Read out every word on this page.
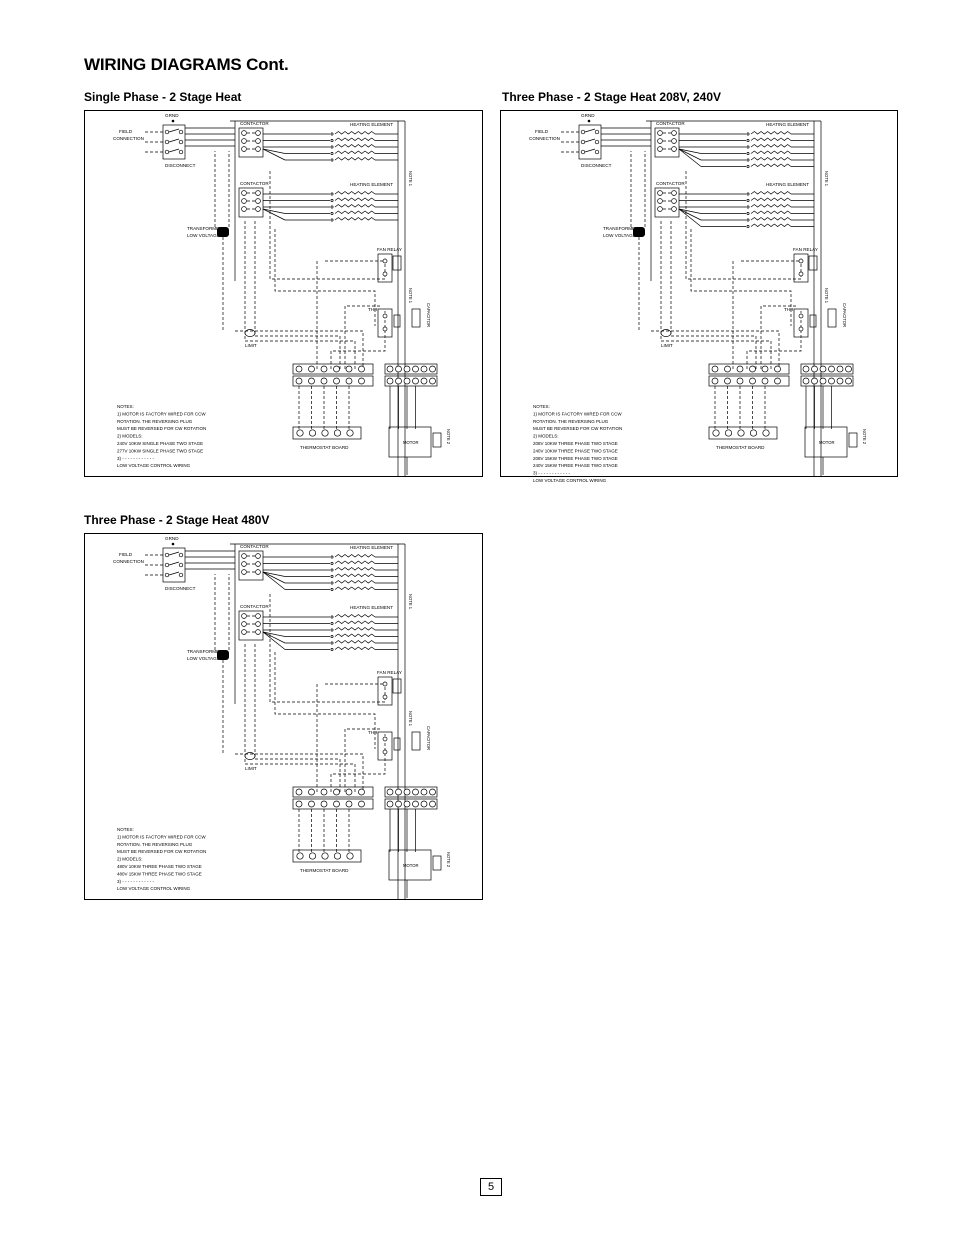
WIRING DIAGRAMS Cont.
Single Phase - 2 Stage Heat	Three Phase - 2 Stage Heat 208V, 240V
Three Phase - 2 Stage Heat 480V
GRND
FIELD
CONNECTION
DISCONNECT
CONTACTOR	HEATING ELEMENT
CONTACTOR	HEATING ELEMENT
TRANSFORMER
LOW VOLTAGE
FAN RELAY
NOTE 1
NOTE 1
THR	CAPACITOR
LIMIT
THERMOSTAT BOARD
MOTOR	NOTE 2
NOTES:
1) MOTOR IS FACTORY WIRED FOR CCW
ROTATION. THE REVERSING PLUG
MUST BE REVERSED FOR CW ROTATION
2) MODELS:
240V 10KW SINGLE PHASE TWO STAGE
277V 10KW SINGLE PHASE TWO STAGE
3) - - - - - - - - - - - -
LOW VOLTAGE CONTROL WIRING
GRND
FIELD
CONNECTION
DISCONNECT
CONTACTOR	HEATING ELEMENT
CONTACTOR	HEATING ELEMENT
TRANSFORMER
LOW VOLTAGE
FAN RELAY
NOTE 1
NOTE 1
THR	CAPACITOR
LIMIT
THERMOSTAT BOARD
MOTOR	NOTE 2
NOTES:
1) MOTOR IS FACTORY WIRED FOR CCW
ROTATION. THE REVERSING PLUG
MUST BE REVERSED FOR CW ROTATION
2) MODELS:
208V 10KW THREE PHASE TWO STAGE
240V 10KW THREE PHASE TWO STAGE
208V 15KW THREE PHASE TWO STAGE
240V 15KW THREE PHASE TWO STAGE
3) - - - - - - - - - - - -
LOW VOLTAGE CONTROL WIRING
GRND
FIELD
CONNECTION
DISCONNECT
CONTACTOR	HEATING ELEMENT
CONTACTOR	HEATING ELEMENT
TRANSFORMER
LOW VOLTAGE
FAN RELAY
NOTE 1
NOTE 1
THR	CAPACITOR
LIMIT
THERMOSTAT BOARD
MOTOR	NOTE 2
NOTES:
1) MOTOR IS FACTORY WIRED FOR CCW
ROTATION. THE REVERSING PLUG
MUST BE REVERSED FOR CW ROTATION
2) MODELS:
480V 10KW THREE PHASE TWO STAGE
480V 15KW THREE PHASE TWO STAGE
3) - - - - - - - - - - - -
LOW VOLTAGE CONTROL WIRING
5
